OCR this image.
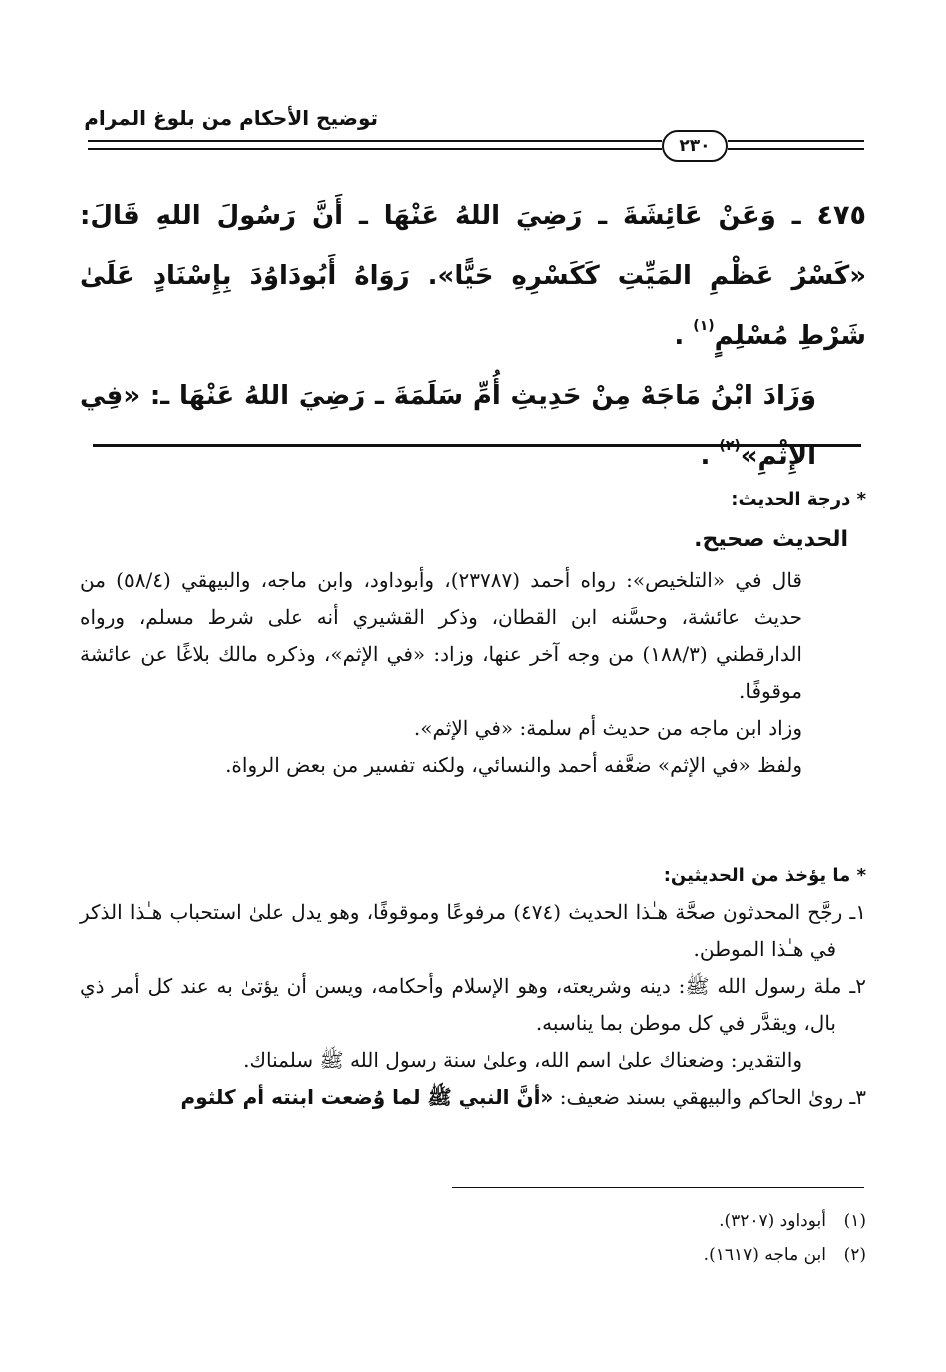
توضيح الأحكام من بلوغ المرام
٢٣٠

٤٧٥ ـ وَعَنْ عَائِشَةَ ـ رَضِيَ اللهُ عَنْهَا ـ أَنَّ رَسُولَ اللهِ قَالَ: «كَسْرُ عَظْمِ المَيِّتِ كَكَسْرِهِ حَيًّا». رَوَاهُ أَبُودَاوُدَ بِإِسْنَادٍ عَلَىٰ شَرْطِ مُسْلِمٍ$^{(١)}$ .

وَزَادَ ابْنُ مَاجَهْ مِنْ حَدِيثِ أُمِّ سَلَمَةَ ـ رَضِيَ اللهُ عَنْهَا ـ: «فِي الإِثْمِ»$^{(٢)}$ .

* درجة الحديث:

الحديث صحيح.

قال في «التلخيص»: رواه أحمد (٢٣٧٨٧)، وأبوداود، وابن ماجه، والبيهقي (٥٨/٤) من حديث عائشة، وحسَّنه ابن القطان، وذكر القشيري أنه على شرط مسلم، ورواه الدارقطني (١٨٨/٣) من وجه آخر عنها، وزاد: «في الإثم»، وذكره مالك بلاغًا عن عائشة موقوفًا.

وزاد ابن ماجه من حديث أم سلمة: «في الإثم».

ولفظ «في الإثم» ضعَّفه أحمد والنسائي، ولكنه تفسير من بعض الرواة.

* ما يؤخذ من الحديثين:

١ـ رجَّح المحدثون صحَّة هـٰذا الحديث (٤٧٤) مرفوعًا وموقوفًا، وهو يدل علىٰ استحباب هـٰذا الذكر في هـٰذا الموطن.

٢ـ ملة رسول الله ﷺ: دينه وشريعته، وهو الإسلام وأحكامه، ويسن أن يؤتىٰ به عند كل أمر ذي بال، ويقدَّر في كل موطن بما يناسبه.

والتقدير: وضعناك علىٰ اسم الله، وعلىٰ سنة رسول الله ﷺ سلمناك.

٣ـ روىٰ الحاكم والبيهقي بسند ضعيف: «أنَّ النبي ﷺ لما وُضعت ابنته أم كلثوم

(١)أبوداود (٣٢٠٧).

(٢)ابن ماجه (١٦١٧).
